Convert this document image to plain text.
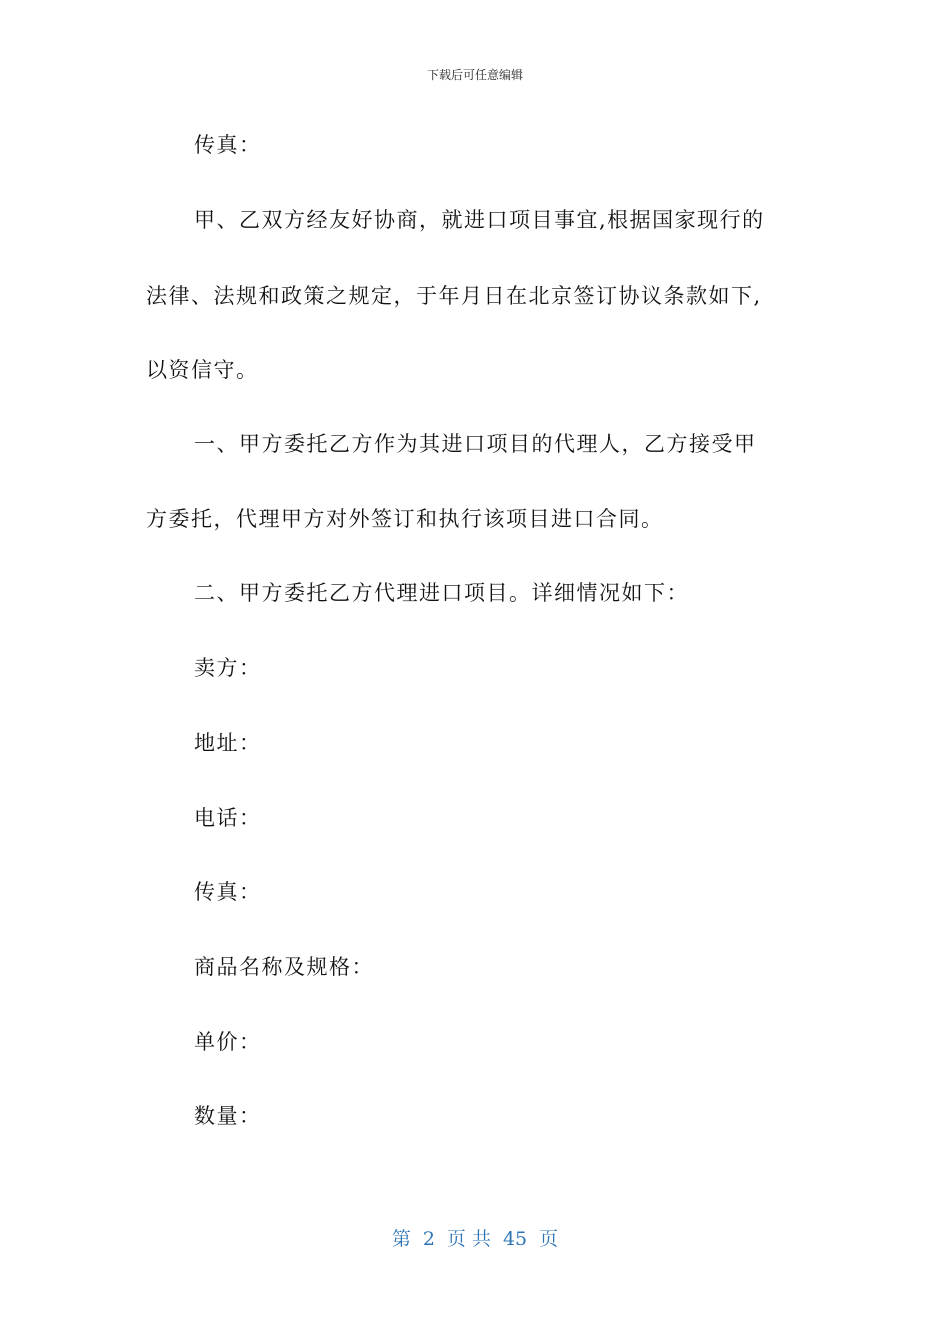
下载后可任意编辑
传真：
甲、乙双方经友好协商，就进口项目事宜,根据国家现行的
法律、法规和政策之规定，于年月日在北京签订协议条款如下,
以资信守。
一、甲方委托乙方作为其进口项目的代理人，乙方接受甲
方委托，代理甲方对外签订和执行该项目进口合同。
二、甲方委托乙方代理进口项目。详细情况如下：
卖方：
地址：
电话：
传真：
商品名称及规格：
单价：
数量：
第 2 页 共 45 页
